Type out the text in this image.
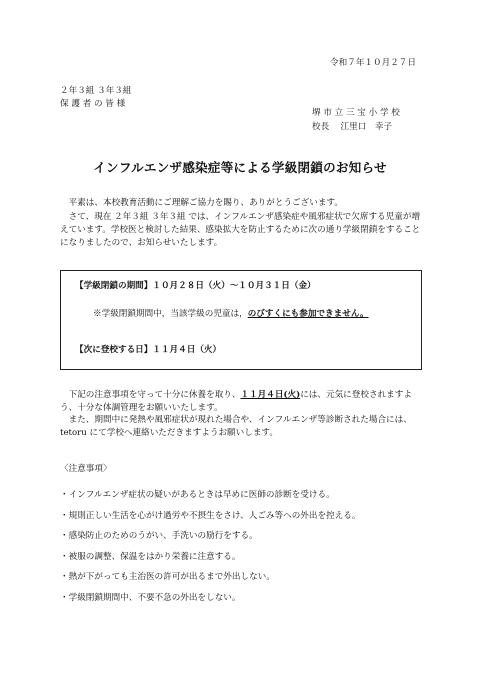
令和７年１０月２７日
２年３組 ３年３組
保 護 者 の 皆 様
堺 市 立 三 宝 小 学 校
校長　 江里口　幸子
インフルエンザ感染症等による学級閉鎖のお知らせ
　平素は、本校教育活動にご理解ご協力を賜り、ありがとうございます。
　さて、現在 ２年３組 ３年３組 では、インフルエンザ感染症や風邪症状で欠席する児童が増えています。学校医と検討した結果、感染拡大を防止するために次の通り学級閉鎖をすることになりましたので、お知らせいたします。
【学級閉鎖の期間】１０月２８日（火）～１０月３１日（金）
※学級閉鎖期間中，当該学級の児童は，のびすくにも参加できません。
【次に登校する日】１１月４日（火）
　下記の注意事項を守って十分に休養を取り、１１月４日(火)には、元気に登校されますよう、十分な体調管理をお願いいたします。
　また、期間中に発熱や風邪症状が現れた場合や、インフルエンザ等診断された場合には、tetoru にて学校へ連絡いただきますようお願いします。
〈注意事項〉
・インフルエンザ症状の疑いがあるときは早めに医師の診断を受ける。
・規則正しい生活を心がけ過労や不摂生をさけ、人ごみ等への外出を控える。
・感染防止のためのうがい、手洗いの励行をする。
・被服の調整、保温をはかり栄養に注意する。
・熱が下がっても主治医の許可が出るまで外出しない。
・学級閉鎖期間中、不要不急の外出をしない。
